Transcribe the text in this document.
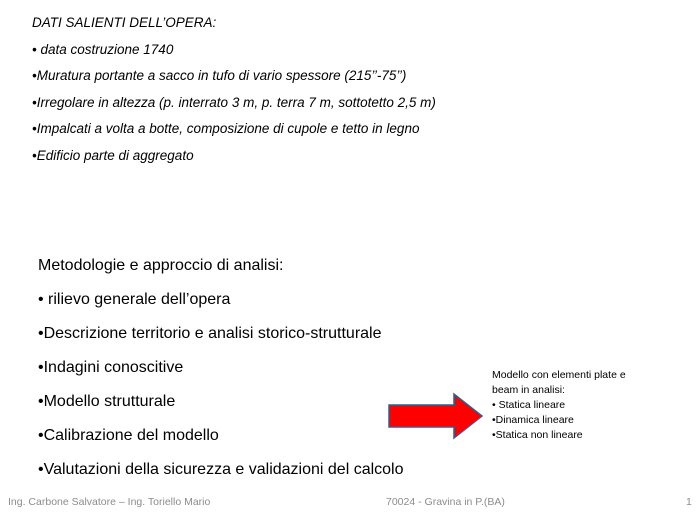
DATI SALIENTI DELL’OPERA:
• data costruzione 1740
•Muratura portante a sacco in tufo di vario spessore (215’’-75’’)
•Irregolare in altezza (p. interrato 3 m, p. terra 7 m, sottotetto 2,5 m)
•Impalcati a volta a botte, composizione di cupole e tetto in legno
•Edificio parte di aggregato
Metodologie e approccio di analisi:
• rilievo generale dell’opera
•Descrizione territorio e analisi storico-strutturale
•Indagini conoscitive
•Modello strutturale
•Calibrazione del modello
•Valutazioni della sicurezza e validazioni del calcolo
Modello con elementi plate e
beam in analisi:
• Statica lineare
•Dinamica lineare
•Statica non lineare
Ing. Carbone Salvatore – Ing. Toriello Mario	70024 - Gravina in P.(BA)	1
